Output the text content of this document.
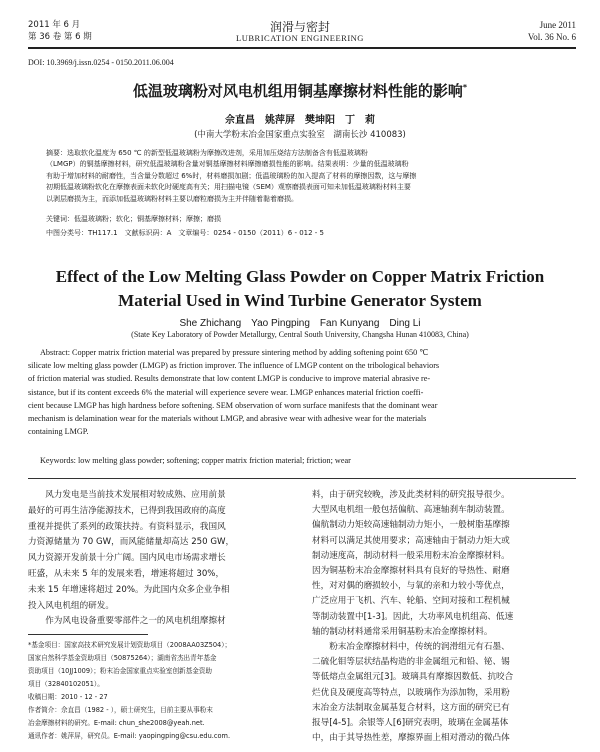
2011 年 6 月
第 36 卷 第 6 期
润滑与密封
LUBRICATION ENGINEERING
June 2011
Vol. 36 No. 6
DOI: 10.3969/j.issn.0254 - 0150.2011.06.004
低温玻璃粉对风电机组用铜基摩擦材料性能的影响*
佘直昌　姚萍屏　樊坤阳　丁　莉
(中南大学粉末冶金国家重点实验室　湖南长沙 410083)
摘要：选取软化温度为 650 ℃ 的新型低温玻璃粉为摩擦改进剂，采用加压烧结方法制备含有低温玻璃粉
（LMGP）的铜基摩擦材料，研究低温玻璃粉含量对铜基摩擦材料摩擦磨损性能的影响。结果表明：少量的低温玻璃粉
有助于增加材料的耐磨性，当含量分数超过 6%时，材料磨损加剧；低温玻璃粉的加入提高了材料的摩擦因数，这与摩擦
初期低温玻璃粉软化在摩擦表面未软化时硬度高有关；用扫描电镜（SEM）观察磨损表面可知未加低温玻璃粉材料主要
以剥层磨损为主，而添加低温玻璃粉材料主要以磨粒磨损为主并伴随着黏着磨损。
关键词：低温玻璃粉；软化；铜基摩擦材料；摩擦；磨损
中图分类号：TH117.1　文献标识码：A　文章编号：0254 - 0150（2011）6 - 012 - 5
Effect of the Low Melting Glass Powder on Copper Matrix Friction
Material Used in Wind Turbine Generator System
She Zhichang　Yao Pingping　Fan Kunyang　Ding Li
(State Key Laboratory of Powder Metallurgy, Central South University, Changsha Hunan 410083, China)
Abstract: Copper matrix friction material was prepared by pressure sintering method by adding softening point 650 ℃
silicate low melting glass powder (LMGP) as friction improver. The influence of LMGP content on the tribological behaviors
of friction material was studied. Results demonstrate that low content LMGP is conducive to improve material abrasive re-
sistance, but if its content exceeds 6% the material will experience severe wear. LMGP enhances material friction coeffi-
cient because LMGP has high hardness before softening. SEM observation of worn surface manifests that the dominant wear
mechanism is delamination wear for the materials without LMGP, and abrasive wear with adhesive wear for the materials
containing LMGP.
Keywords: low melting glass powder; softening; copper matrix friction material; friction; wear
　　风力发电是当前技术发展相对较成熟、应用前景
最好的可再生洁净能源技术，已得到我国政府的高度
重视并提供了系列的政策扶持。有资料显示，我国风
力资源储量为 70 GW，而风能储量却高达 250 GW，
风力资源开发前景十分广阔。国内风电市场需求增长
旺盛，从未来 5 年的发展来看，增速将超过 30%，
未来 15 年增速将超过 20%。为此国内众多企业争相
投入风电机组的研发。
　　作为风电设备重要零部件之一的风电机组摩擦材
*基金项目：国家高技术研究发展计划资助项目（2008AA03Z504）；
国家自然科学基金资助项目（50875264）；湖南省杰出青年基金
资助项目（10JJ1009）；粉末冶金国家重点实验室创新基金资助
项目（32840102051）。
收稿日期：2010 - 12 - 27
作者简介：佘直昌（1982 - ），硕士研究生，目前主要从事粉末
冶金摩擦材料的研究。E-mail: chun_she2008@yeah.net.
通讯作者：姚萍屏，研究员。E-mail: yaopingping@csu.edu.com.
料，由于研究较晚，涉及此类材料的研究报导很少。
大型风电机组一般包括偏航、高速轴刹车制动装置。
偏航制动力矩较高速轴制动力矩小，一般树脂基摩擦
材料可以满足其使用要求；高速轴由于制动力矩大或
制动速度高，制动材料一般采用粉末冶金摩擦材料。
因为铜基粉末冶金摩擦材料具有良好的导热性、耐磨
性，对对偶的磨损较小，与氧的亲和力较小等优点，
广泛应用于飞机、汽车、轮船、空间对接和工程机械
等制动装置中[1-3]。因此，大功率风电机组高、低速
轴的制动材料通常采用铜基粉末冶金摩擦材料。
　　粉末冶金摩擦材料中，传统的润滑组元有石墨、
二硫化钼等层状结晶构造的非金属组元和铅、铋、锡
等低熔点金属组元[3]。玻璃具有摩擦因数低、抗咬合
烂优良及硬度高等特点，以玻璃作为添加物，采用粉
末冶金方法制取金属基复合材料，这方面的研究已有
报导[4-5]。余银等人[6]研究表明，玻璃在金属基体
中，由于其导热性差，摩擦界面上相对滑动的微凸体
